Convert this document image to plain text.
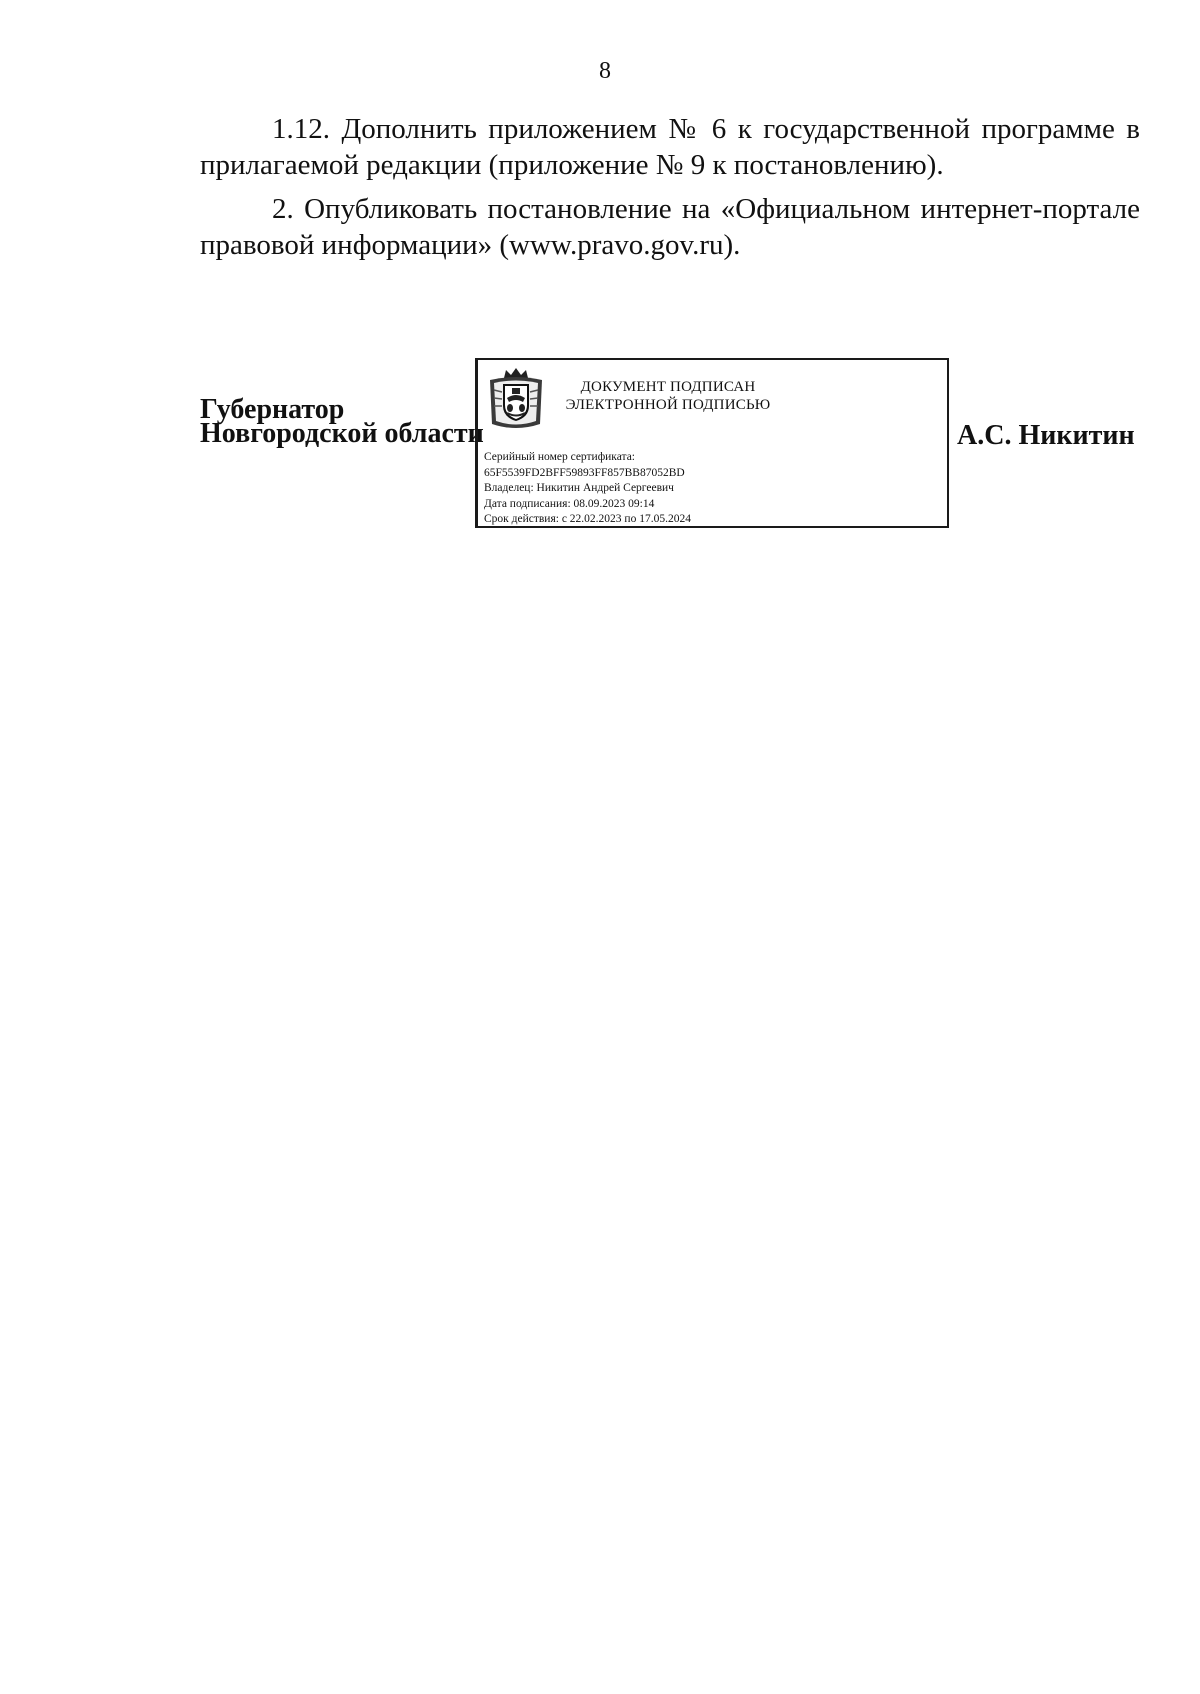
8

1.12. Дополнить приложением № 6 к государственной программе в прилагаемой редакции (приложение № 9 к постановлению).

2. Опубликовать постановление на «Официальном интернет-портале правовой информации» (www.pravo.gov.ru).

Губернатор
Новгородской области	А.С. Никитин
ДОКУМЕНТ ПОДПИСАН
ЭЛЕКТРОННОЙ ПОДПИСЬЮ
Серийный номер сертификата:
65F5539FD2BFF59893FF857BB87052BD
Владелец: Никитин Андрей Сергеевич
Дата подписания: 08.09.2023 09:14
Срок действия: с 22.02.2023 по 17.05.2024
